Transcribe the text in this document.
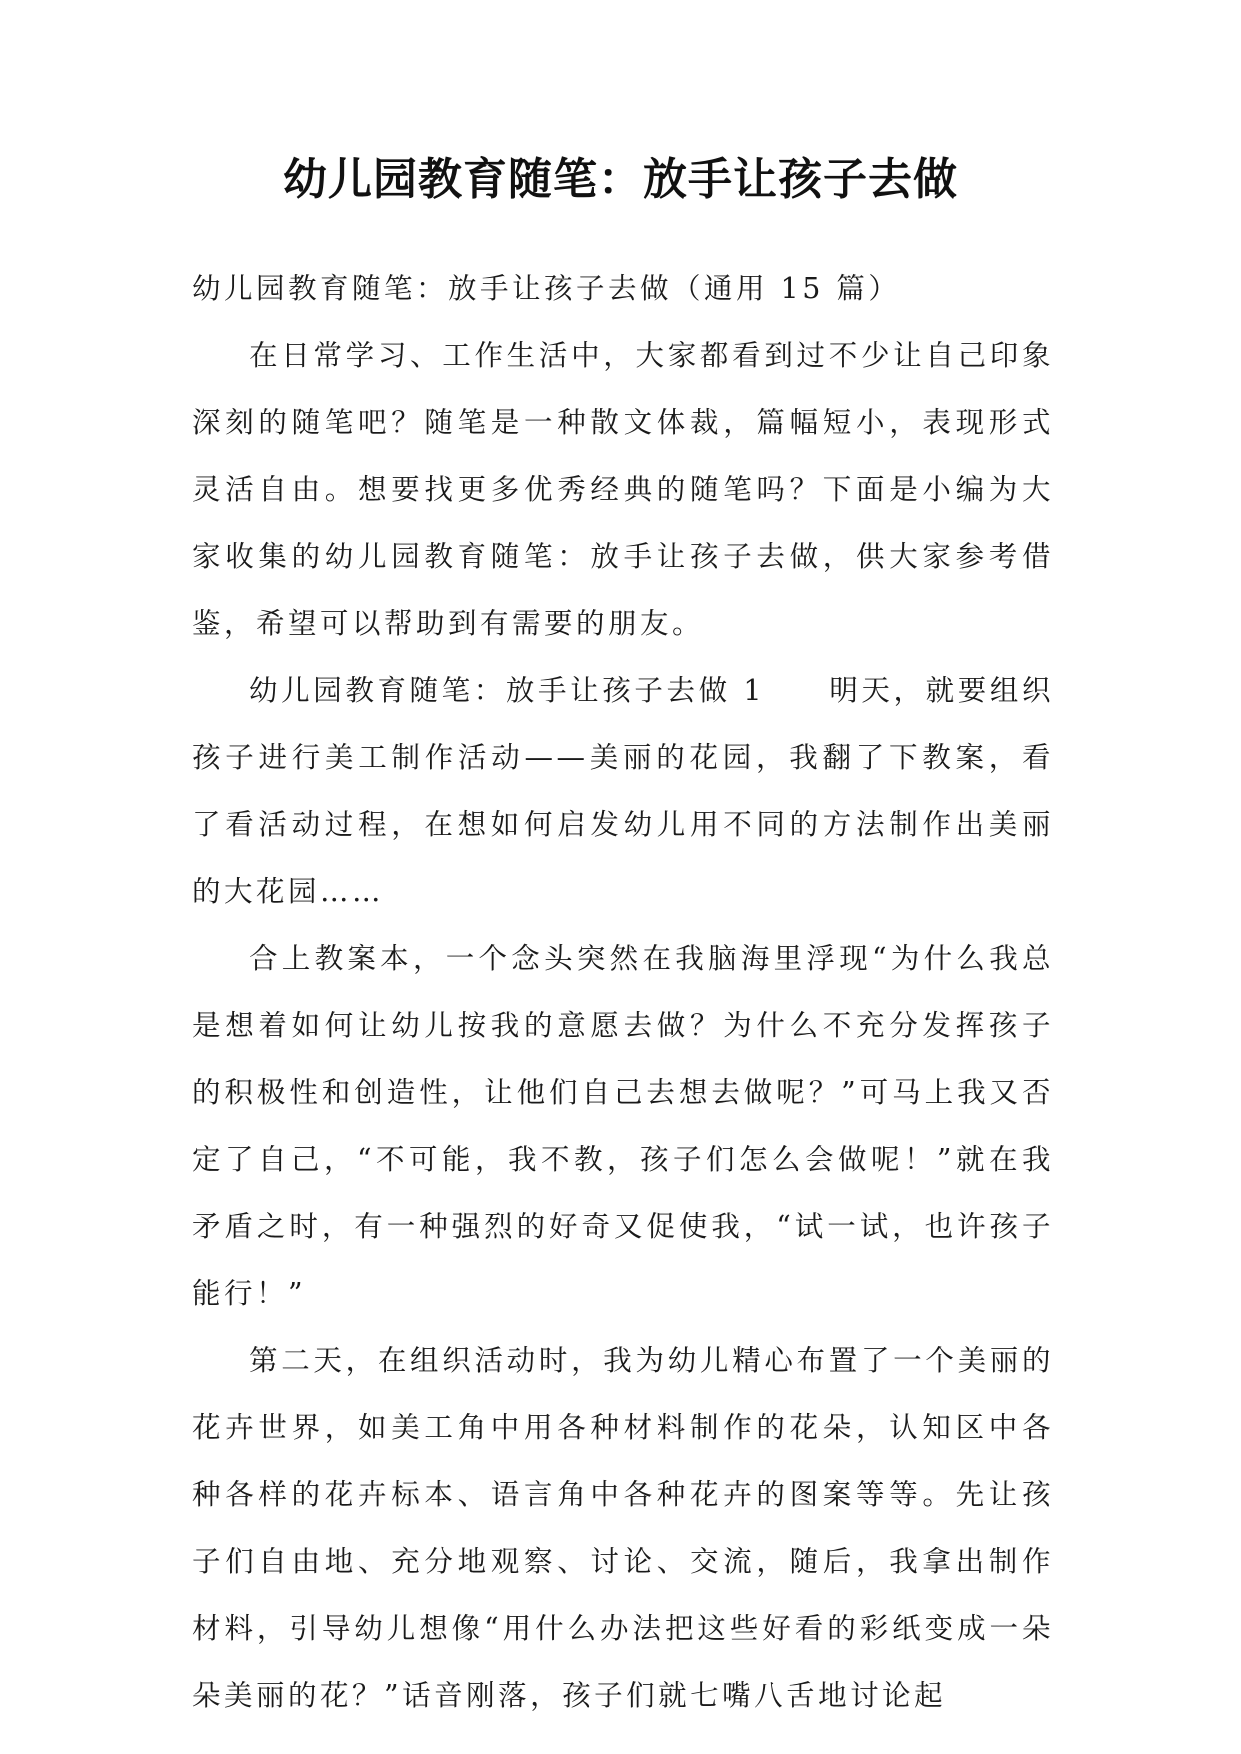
幼儿园教育随笔：放手让孩子去做

幼儿园教育随笔：放手让孩子去做（通用 15 篇）

在日常学习、工作生活中，大家都看到过不少让自己印象深刻的随笔吧？随笔是一种散文体裁，篇幅短小，表现形式灵活自由。想要找更多优秀经典的随笔吗？下面是小编为大家收集的幼儿园教育随笔：放手让孩子去做，供大家参考借鉴，希望可以帮助到有需要的朋友。

幼儿园教育随笔：放手让孩子去做 1　　明天，就要组织孩子进行美工制作活动——美丽的花园，我翻了下教案，看了看活动过程，在想如何启发幼儿用不同的方法制作出美丽的大花园……

合上教案本，一个念头突然在我脑海里浮现“为什么我总是想着如何让幼儿按我的意愿去做？为什么不充分发挥孩子的积极性和创造性，让他们自己去想去做呢？”可马上我又否定了自己，“不可能，我不教，孩子们怎么会做呢！”就在我矛盾之时，有一种强烈的好奇又促使我，“试一试，也许孩子能行！”

第二天，在组织活动时，我为幼儿精心布置了一个美丽的花卉世界，如美工角中用各种材料制作的花朵，认知区中各种各样的花卉标本、语言角中各种花卉的图案等等。先让孩子们自由地、充分地观察、讨论、交流，随后，我拿出制作材料，引导幼儿想像“用什么办法把这些好看的彩纸变成一朵朵美丽的花？”话音刚落，孩子们就七嘴八舌地讨论起
